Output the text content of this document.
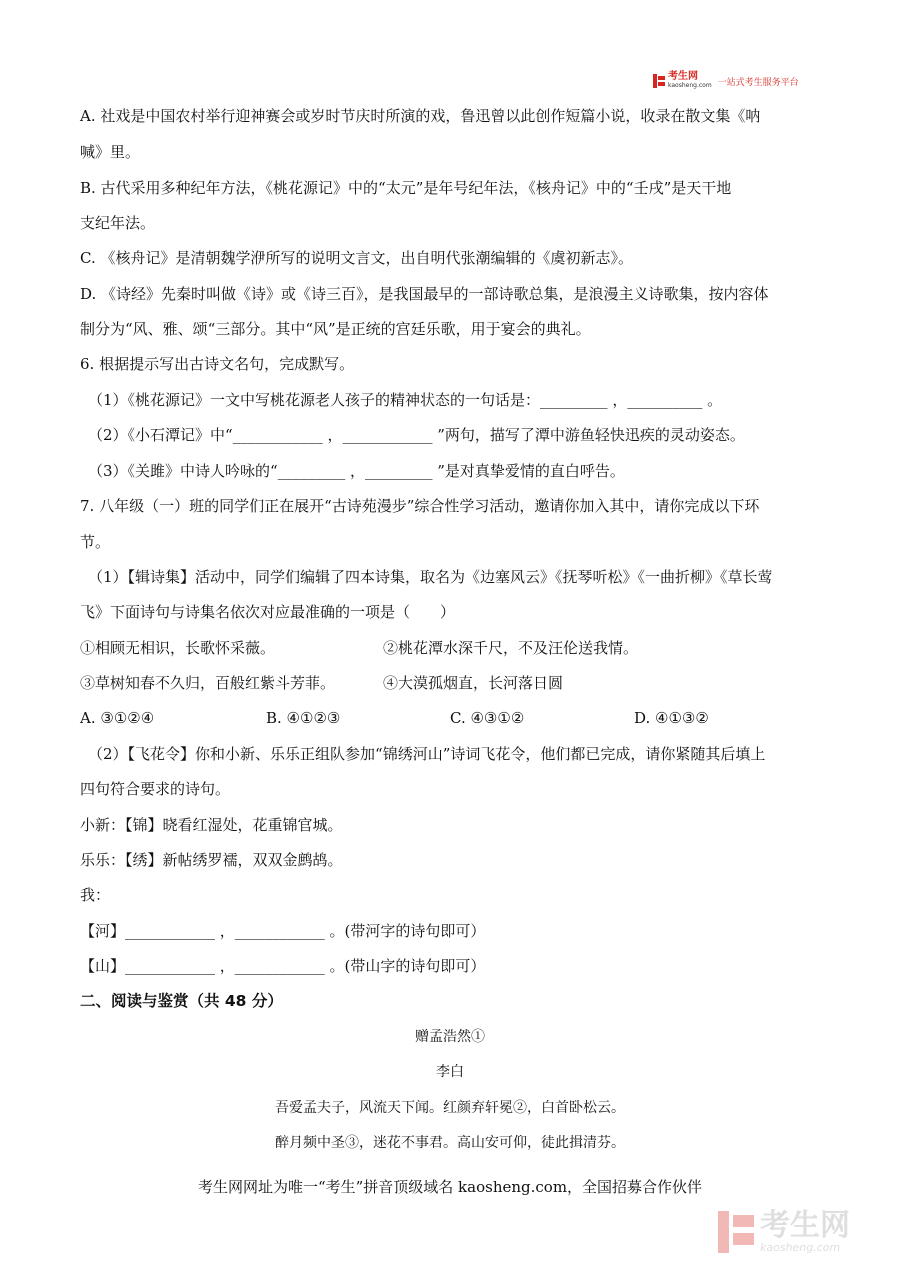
考生网
kaosheng.com 一站式考生服务平台
A. 社戏是中国农村举行迎神赛会或岁时节庆时所演的戏，鲁迅曾以此创作短篇小说，收录在散文集《呐
喊》里。
B. 古代采用多种纪年方法，《桃花源记》中的“太元”是年号纪年法，《核舟记》中的“壬戌”是天干地
支纪年法。
C. 《核舟记》是清朝魏学洢所写的说明文言文，出自明代张潮编辑的《虞初新志》。
D. 《诗经》先秦时叫做《诗》或《诗三百》，是我国最早的一部诗歌总集，是浪漫主义诗歌集，按内容体
制分为“风、雅、颂“三部分。其中“风”是正统的宫廷乐歌，用于宴会的典礼。
6. 根据提示写出古诗文名句，完成默写。
（1）《桃花源记》一文中写桃花源老人孩子的精神状态的一句话是：_________ ，__________ 。
（2）《小石潭记》中“____________ ，____________ ”两句，描写了潭中游鱼轻快迅疾的灵动姿态。
（3）《关雎》中诗人吟咏的“_________ ，_________ ”是对真挚爱情的直白呼告。
7. 八年级（一）班的同学们正在展开“古诗苑漫步”综合性学习活动，邀请你加入其中，请你完成以下环
节。
（1）【辑诗集】活动中，同学们编辑了四本诗集，取名为《边塞风云》《抚琴听松》《一曲折柳》《草长莺
飞》下面诗句与诗集名依次对应最准确的一项是（　　）
①相顾无相识，长歌怀采薇。	②桃花潭水深千尺，不及汪伦送我情。
③草树知春不久归，百般红紫斗芳菲。	④大漠孤烟直，长河落日圆
A. ③①②④	B. ④①②③	C. ④③①②	D. ④①③②
（2）【飞花令】你和小新、乐乐正组队参加“锦绣河山”诗词飞花令，他们都已完成，请你紧随其后填上
四句符合要求的诗句。
小新：【锦】晓看红湿处，花重锦官城。
乐乐：【绣】新帖绣罗襦，双双金鹧鸪。
我：
【河】____________ ，____________ 。(带河字的诗句即可）
【山】____________ ，____________ 。(带山字的诗句即可）
二、阅读与鉴赏（共 48 分）
赠孟浩然①
李白
吾爱孟夫子，风流天下闻。红颜弃轩冕②，白首卧松云。
醉月频中圣③，迷花不事君。高山安可仰，徒此揖清芬。
考生网网址为唯一“考生”拼音顶级域名 kaosheng.com，全国招募合作伙伴
考生网
kaosheng.com
